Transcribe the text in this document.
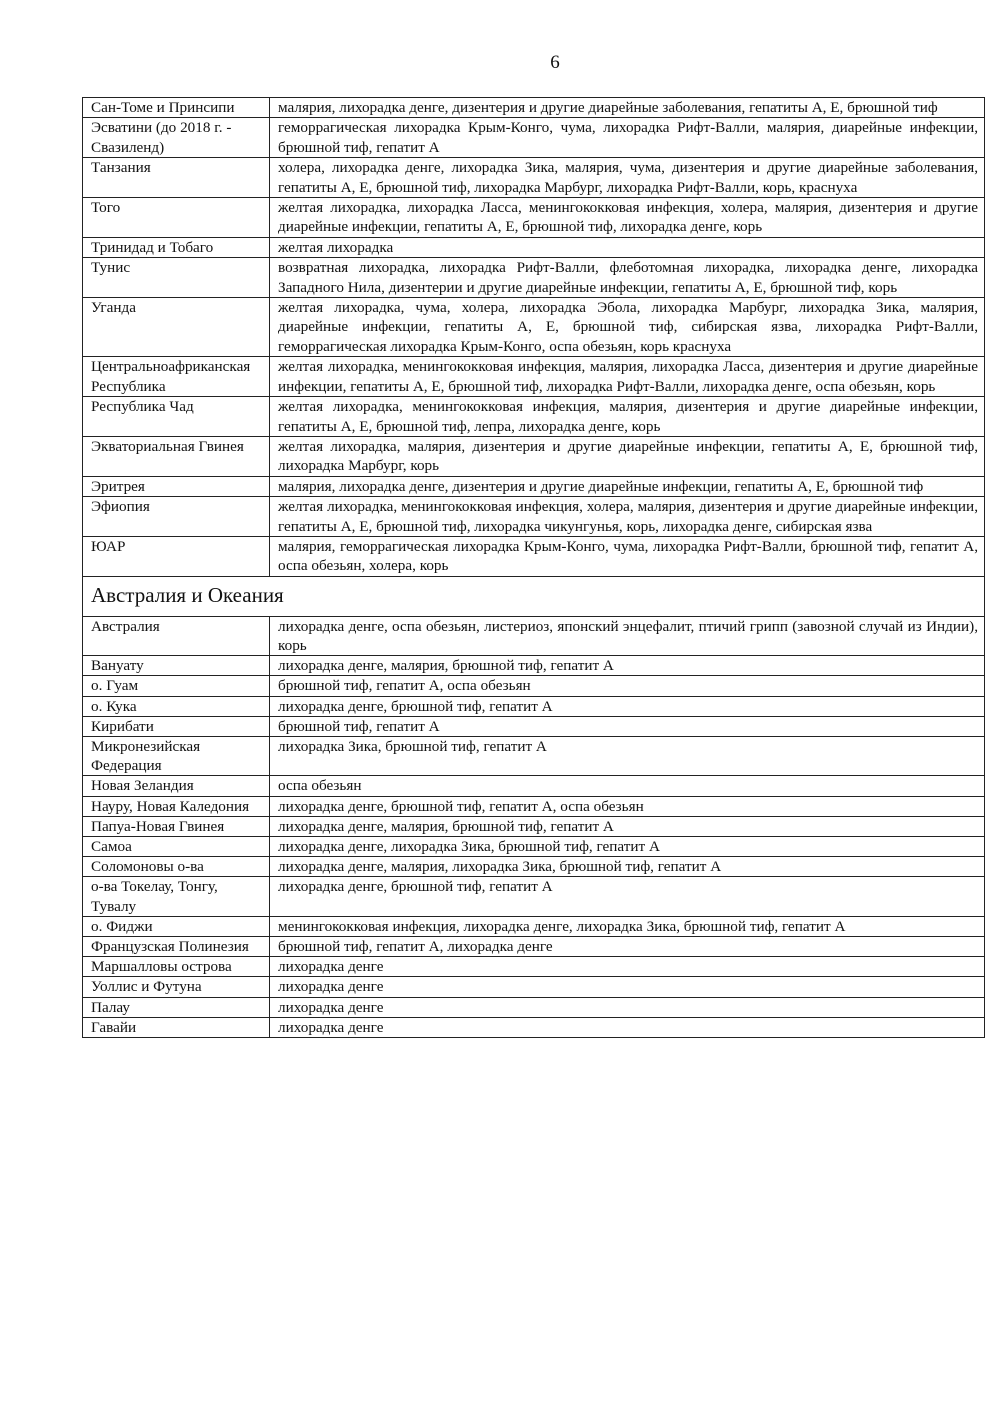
6
Сан-Томе и Принсипи	малярия, лихорадка денге, дизентерия и другие диарейные заболевания, гепатиты А, Е, брюшной тиф
Эсватини (до 2018 г. - Свазиленд)	геморрагическая лихорадка Крым-Конго, чума, лихорадка Рифт-Валли, малярия, диарейные инфекции, брюшной тиф, гепатит А
Танзания	холера, лихорадка денге, лихорадка Зика, малярия, чума, дизентерия и другие диарейные заболевания, гепатиты А, Е, брюшной тиф, лихорадка Марбург, лихорадка Рифт-Валли, корь, краснуха
Того	желтая лихорадка, лихорадка Ласса, менингококковая инфекция, холера, малярия, дизентерия и другие диарейные инфекции, гепатиты А, Е, брюшной тиф, лихорадка денге, корь
Тринидад и Тобаго	желтая лихорадка
Тунис	возвратная лихорадка, лихорадка Рифт-Валли, флеботомная лихорадка, лихорадка денге, лихорадка Западного Нила, дизентерии и другие диарейные инфекции, гепатиты А, Е, брюшной тиф, корь
Уганда	желтая лихорадка, чума, холера, лихорадка Эбола, лихорадка Марбург, лихорадка Зика, малярия, диарейные инфекции, гепатиты А, Е, брюшной тиф, сибирская язва, лихорадка Рифт-Валли, геморрагическая лихорадка Крым-Конго, оспа обезьян, корь краснуха
Центральноафриканская Республика	желтая лихорадка, менингококковая инфекция, малярия, лихорадка Ласса, дизентерия и другие диарейные инфекции, гепатиты А, Е, брюшной тиф, лихорадка Рифт-Валли, лихорадка денге, оспа обезьян, корь
Республика Чад	желтая лихорадка, менингококковая инфекция, малярия, дизентерия и другие диарейные инфекции, гепатиты А, Е, брюшной тиф, лепра, лихорадка денге, корь
Экваториальная Гвинея	желтая лихорадка, малярия, дизентерия и другие диарейные инфекции, гепатиты А, Е, брюшной тиф, лихорадка Марбург, корь
Эритрея	малярия, лихорадка денге, дизентерия и другие диарейные инфекции, гепатиты А, Е, брюшной тиф
Эфиопия	желтая лихорадка, менингококковая инфекция, холера, малярия, дизентерия и другие диарейные инфекции, гепатиты А, Е, брюшной тиф, лихорадка чикунгунья, корь, лихорадка денге, сибирская язва
ЮАР	малярия, геморрагическая лихорадка Крым-Конго, чума, лихорадка Рифт-Валли, брюшной тиф, гепатит А, оспа обезьян, холера, корь
Австралия и Океания	
Австралия	лихорадка денге, оспа обезьян, листериоз, японский энцефалит, птичий грипп (завозной случай из Индии), корь
Вануату	лихорадка денге, малярия, брюшной тиф, гепатит А
о. Гуам	брюшной тиф, гепатит А, оспа обезьян
о. Кука	лихорадка денге, брюшной тиф, гепатит А
Кирибати	брюшной тиф, гепатит А
Микронезийская Федерация	лихорадка Зика, брюшной тиф, гепатит А
Новая Зеландия	оспа обезьян
Науру, Новая Каледония	лихорадка денге, брюшной тиф, гепатит А, оспа обезьян
Папуа-Новая Гвинея	лихорадка денге, малярия, брюшной тиф, гепатит А
Самоа	лихорадка денге, лихорадка Зика, брюшной тиф, гепатит А
Соломоновы о-ва	лихорадка денге, малярия, лихорадка Зика, брюшной тиф, гепатит А
о-ва Токелау, Тонгу, Тувалу	лихорадка денге, брюшной тиф, гепатит А
о. Фиджи	менингококковая инфекция, лихорадка денге, лихорадка Зика, брюшной тиф, гепатит А
Французская Полинезия	брюшной тиф, гепатит А, лихорадка денге
Маршалловы острова	лихорадка денге
Уоллис и Футуна	лихорадка денге
Палау	лихорадка денге
Гавайи	лихорадка денге
